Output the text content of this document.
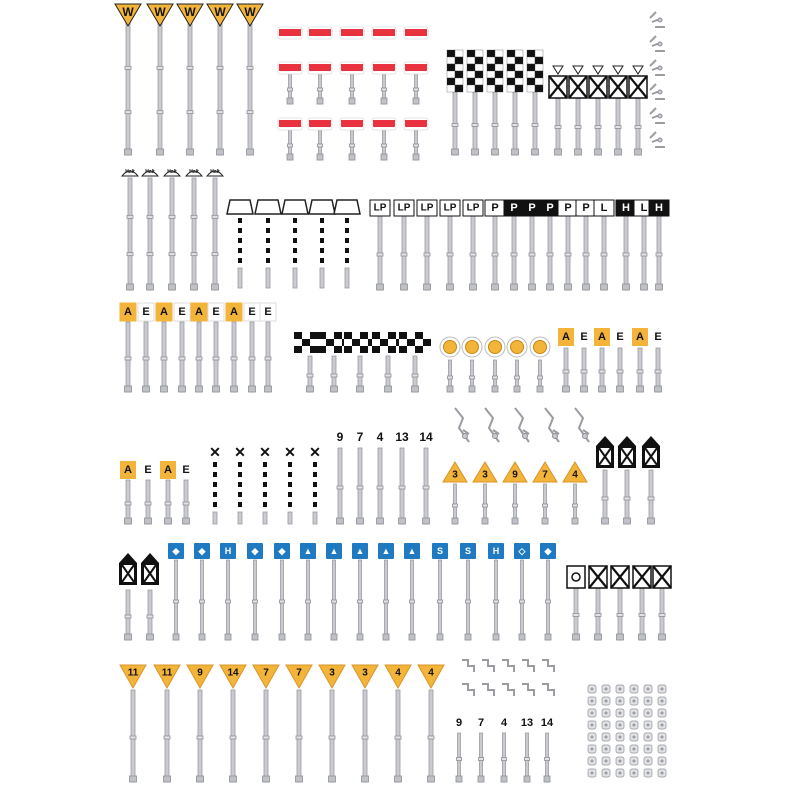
W W W W W
Halt Halt	Halt	Halt Halt
LP LP LP LP LP P P P P P P L H L H
A E A E A E A E E
A E A E A E
A E A E
✕ ✕ ✕ ✕ ✕
9 7 4 13 14
3 3 9 7 4
◆ ◆ H ◆ ◆ ▲ ▲ ▲ ▲ ▲ S S H ◇ ◆
11 11 9 14 7	7	3	3	4	4
9 7 4 13 14
